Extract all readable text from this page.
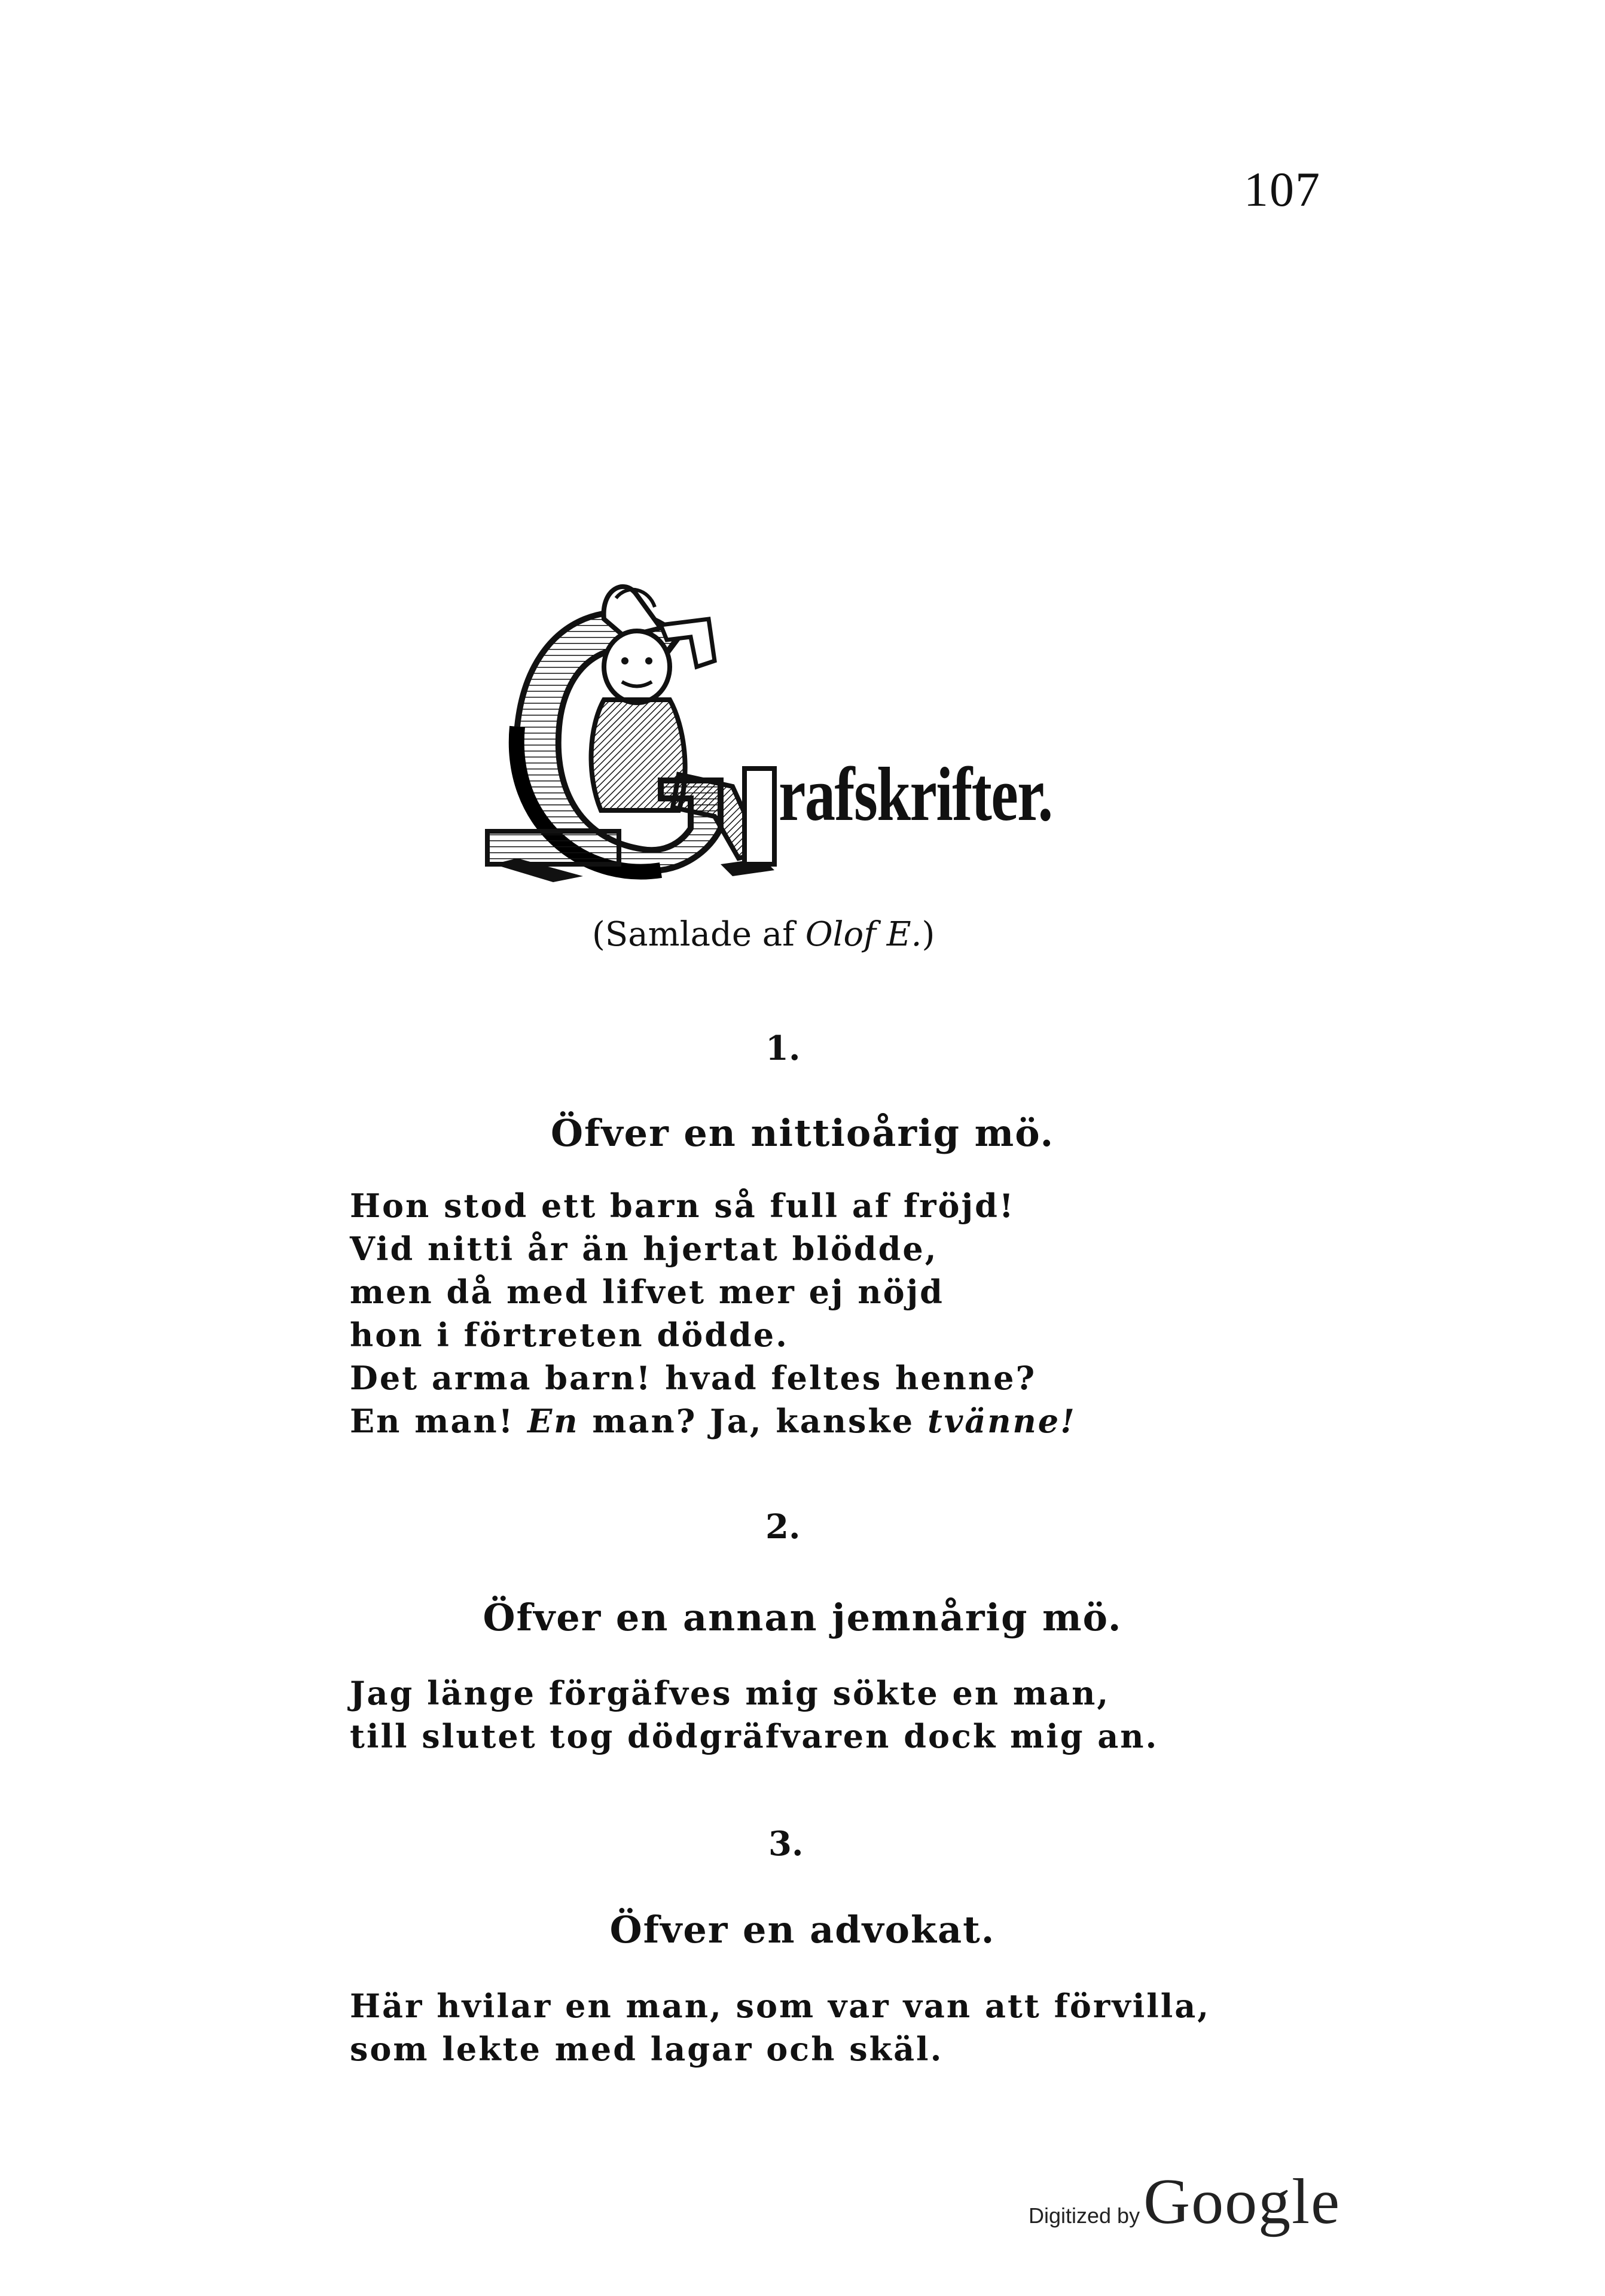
107
rafskrifter.
(Samlade af Olof E.)
1.
Öfver en nittioårig mö.
Hon stod ett barn så full af fröjd!
Vid nitti år än hjertat blödde,
men då med lifvet mer ej nöjd
hon i förtreten dödde.
Det arma barn! hvad feltes henne?
En man! En man? Ja, kanske tvänne!
2.
Öfver en annan jemnårig mö.
Jag länge förgäfves mig sökte en man,
till slutet tog dödgräfvaren dock mig an.
3.
Öfver en advokat.
Här hvilar en man, som var van att förvilla,
som lekte med lagar och skäl.
Digitized by Google
